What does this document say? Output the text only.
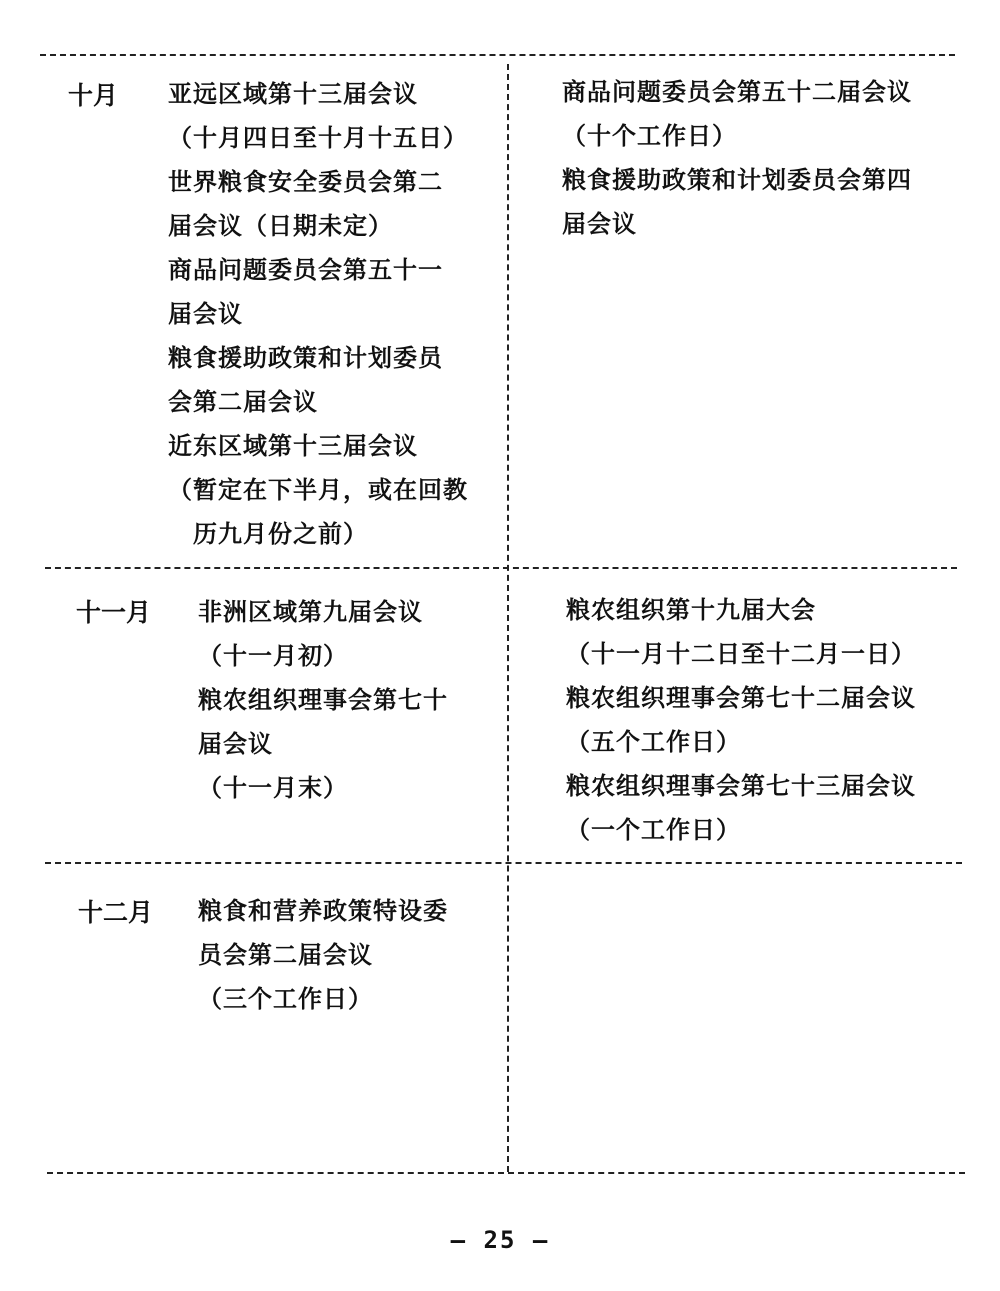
十月 亚远区域第十三届会议
（十月四日至十月十五日）
世界粮食安全委员会第二
届会议（日期未定）
商品问题委员会第五十一
届会议
粮食援助政策和计划委员
会第二届会议
近东区域第十三届会议
（暂定在下半月，或在回教
　历九月份之前）
商品问题委员会第五十二届会议
（十个工作日）
粮食援助政策和计划委员会第四
届会议
十一月 非洲区域第九届会议
（十一月初）
粮农组织理事会第七十
届会议
（十一月末）
粮农组织第十九届大会
（十一月十二日至十二月一日）
粮农组织理事会第七十二届会议
（五个工作日）
粮农组织理事会第七十三届会议
（一个工作日）
十二月 粮食和营养政策特设委
员会第二届会议
（三个工作日）
— 25 —
